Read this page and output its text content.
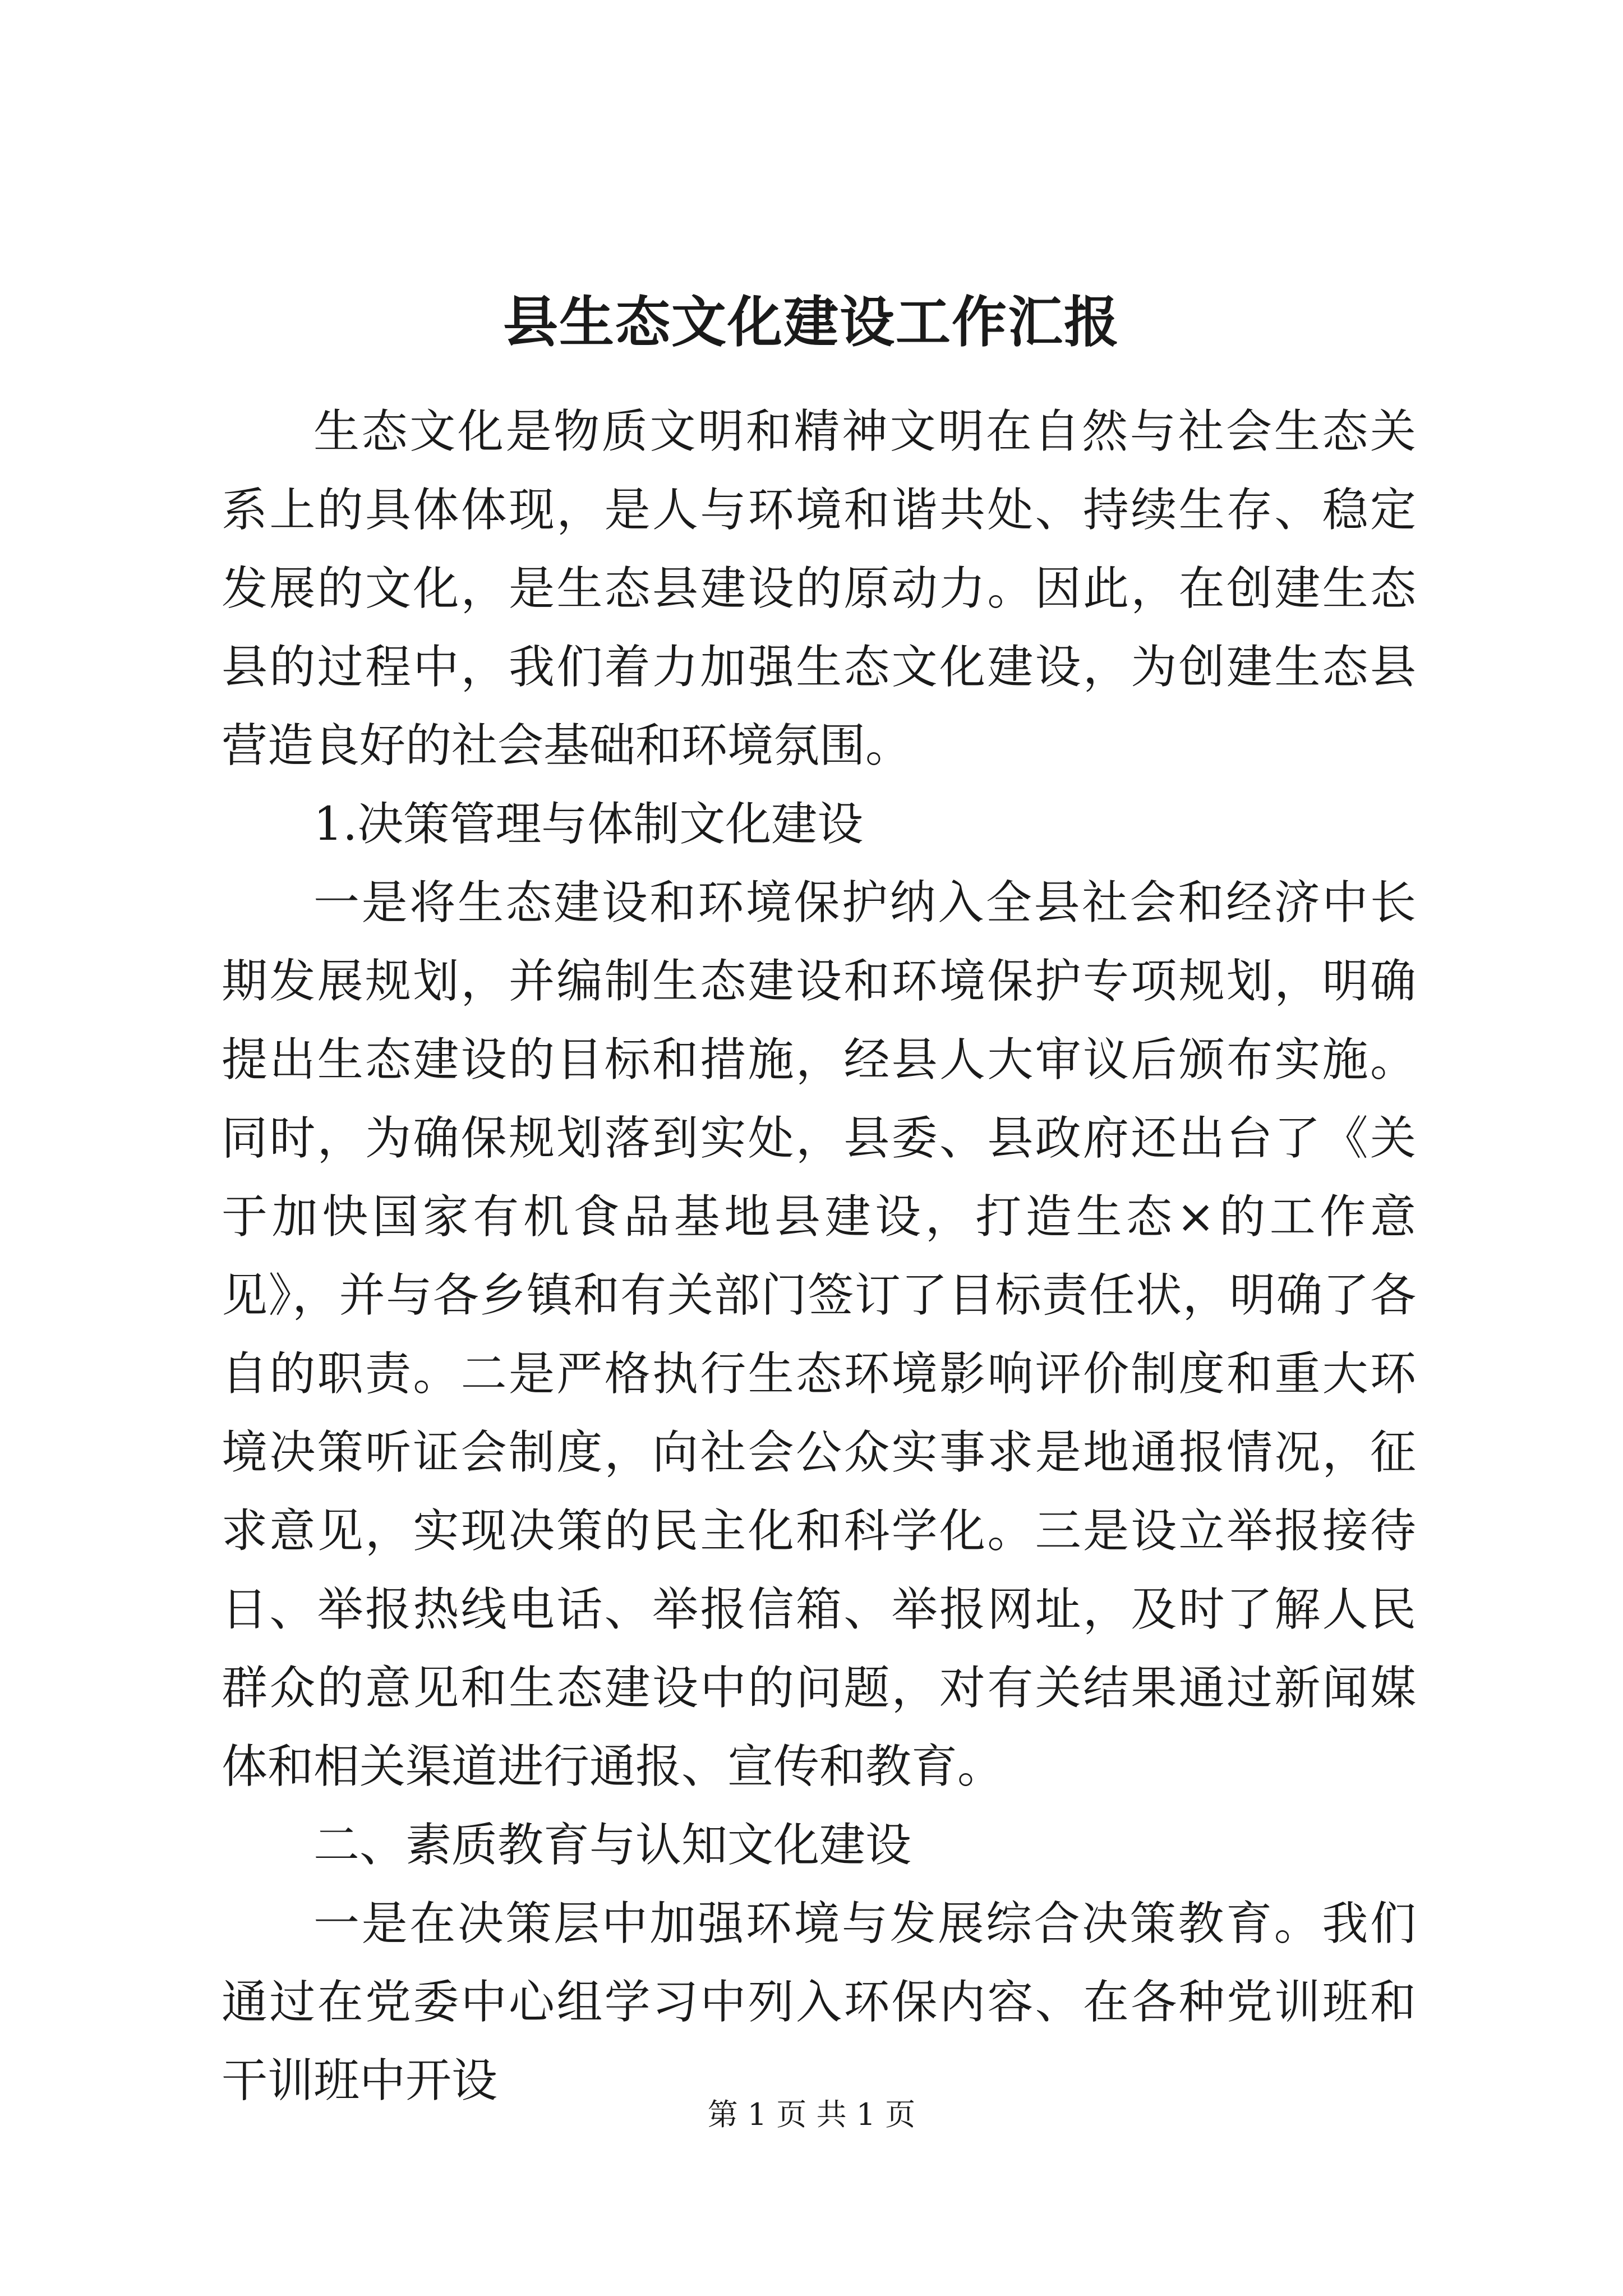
县生态文化建设工作汇报

生态文化是物质文明和精神文明在自然与社会生态关系上的具体体现，是人与环境和谐共处、持续生存、稳定发展的文化，是生态县建设的原动力。因此，在创建生态县的过程中，我们着力加强生态文化建设，为创建生态县营造良好的社会基础和环境氛围。

1.决策管理与体制文化建设

一是将生态建设和环境保护纳入全县社会和经济中长期发展规划，并编制生态建设和环境保护专项规划，明确提出生态建设的目标和措施，经县人大审议后颁布实施。同时，为确保规划落到实处，县委、县政府还出台了《关于加快国家有机食品基地县建设，打造生态×的工作意见》，并与各乡镇和有关部门签订了目标责任状，明确了各自的职责。二是严格执行生态环境影响评价制度和重大环境决策听证会制度，向社会公众实事求是地通报情况，征求意见，实现决策的民主化和科学化。三是设立举报接待日、举报热线电话、举报信箱、举报网址，及时了解人民群众的意见和生态建设中的问题，对有关结果通过新闻媒体和相关渠道进行通报、宣传和教育。

二、素质教育与认知文化建设

一是在决策层中加强环境与发展综合决策教育。我们通过在党委中心组学习中列入环保内容、在各种党训班和干训班中开设

第 1 页 共 1 页
